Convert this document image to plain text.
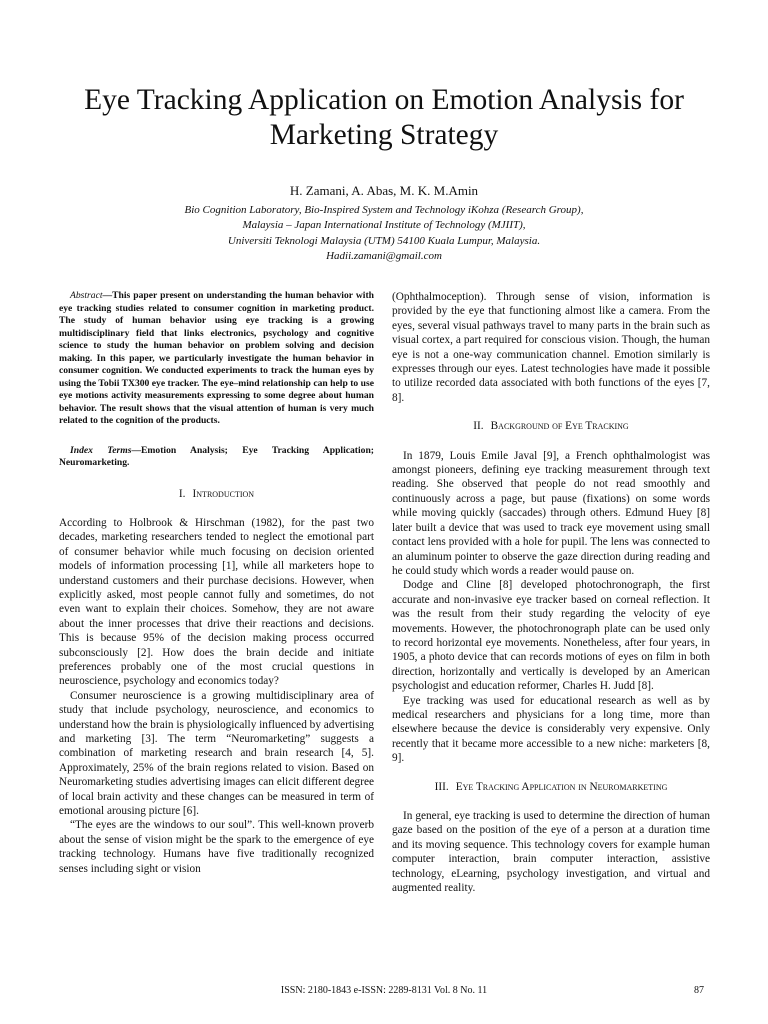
Eye Tracking Application on Emotion Analysis for Marketing Strategy
H. Zamani, A. Abas, M. K. M.Amin
Bio Cognition Laboratory, Bio-Inspired System and Technology iKohza (Research Group),
Malaysia – Japan International Institute of Technology (MJIIT),
Universiti Teknologi Malaysia (UTM) 54100 Kuala Lumpur, Malaysia.
Hadii.zamani@gmail.com

Abstract—This paper present on understanding the human behavior with eye tracking studies related to consumer cognition in marketing product. The study of human behavior using eye tracking is a growing multidisciplinary field that links electronics, psychology and cognitive science to study the human behavior on problem solving and decision making. In this paper, we particularly investigate the human behavior in consumer cognition. We conducted experiments to track the human eyes by using the Tobii TX300 eye tracker. The eye–mind relationship can help to use eye motions activity measurements expressing to some degree about human behavior. The result shows that the visual attention of human is very much related to the cognition of the products.

Index Terms—Emotion Analysis; Eye Tracking Application; Neuromarketing.

I. Introduction

According to Holbrook & Hirschman (1982), for the past two decades, marketing researchers tended to neglect the emotional part of consumer behavior while much focusing on decision oriented models of information processing [1], while all marketers hope to understand customers and their purchase decisions. However, when explicitly asked, most people cannot fully and sometimes, do not even want to explain their choices. Somehow, they are not aware about the inner processes that drive their reactions and decisions. This is because 95% of the decision making process occurred subconsciously [2]. How does the brain decide and initiate preferences probably one of the most crucial questions in neuroscience, psychology and economics today?

Consumer neuroscience is a growing multidisciplinary area of study that include psychology, neuroscience, and economics to understand how the brain is physiologically influenced by advertising and marketing [3]. The term “Neuromarketing” suggests a combination of marketing research and brain research [4, 5]. Approximately, 25% of the brain regions related to vision. Based on Neuromarketing studies advertising images can elicit different degree of local brain activity and these changes can be measured in term of emotional arousing picture [6].

“The eyes are the windows to our soul”. This well-known proverb about the sense of vision might be the spark to the emergence of eye tracking technology. Humans have five traditionally recognized senses including sight or vision

(Ophthalmoception). Through sense of vision, information is provided by the eye that functioning almost like a camera. From the eyes, several visual pathways travel to many parts in the brain such as visual cortex, a part required for conscious vision. Though, the human eye is not a one-way communication channel. Emotion similarly is expresses through our eyes. Latest technologies have made it possible to utilize recorded data associated with both functions of the eyes [7, 8].

II. Background of Eye Tracking

In 1879, Louis Emile Javal [9], a French ophthalmologist was amongst pioneers, defining eye tracking measurement through text reading. She observed that people do not read smoothly and continuously across a page, but pause (fixations) on some words while moving quickly (saccades) through others. Edmund Huey [8] later built a device that was used to track eye movement using small contact lens provided with a hole for pupil. The lens was connected to an aluminum pointer to observe the gaze direction during reading and he could study which words a reader would pause on.

Dodge and Cline [8] developed photochronograph, the first accurate and non-invasive eye tracker based on corneal reflection. It was the result from their study regarding the velocity of eye movements. However, the photochronograph plate can be used only to record horizontal eye movements. Nonetheless, after four years, in 1905, a photo device that can records motions of eyes on film in both direction, horizontally and vertically is developed by an American psychologist and education reformer, Charles H. Judd [8].

Eye tracking was used for educational research as well as by medical researchers and physicians for a long time, more than elsewhere because the device is considerably very expensive. Only recently that it became more accessible to a new niche: marketers [8, 9].

III. Eye Tracking Application in Neuromarketing

In general, eye tracking is used to determine the direction of human gaze based on the position of the eye of a person at a duration time and its moving sequence. This technology covers for example human computer interaction, brain computer interaction, assistive technology, eLearning, psychology investigation, and virtual and augmented reality.

ISSN: 2180-1843 e-ISSN: 2289-8131 Vol. 8 No. 11	87
